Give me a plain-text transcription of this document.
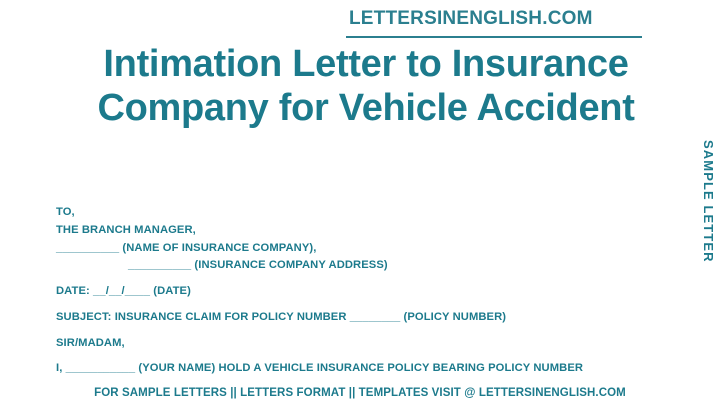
LETTERSINENGLISH.COM
Intimation Letter to Insurance Company for Vehicle Accident
SAMPLE LETTER

TO,

THE BRANCH MANAGER,

__________ (NAME OF INSURANCE COMPANY),

__________ (INSURANCE COMPANY ADDRESS)

DATE: __/__/____ (DATE)

SUBJECT: INSURANCE CLAIM FOR POLICY NUMBER ________ (POLICY NUMBER)

SIR/MADAM,

I, ___________ (YOUR NAME) HOLD A VEHICLE INSURANCE POLICY BEARING POLICY NUMBER

FOR SAMPLE LETTERS || LETTERS FORMAT || TEMPLATES VISIT @ LETTERSINENGLISH.COM
